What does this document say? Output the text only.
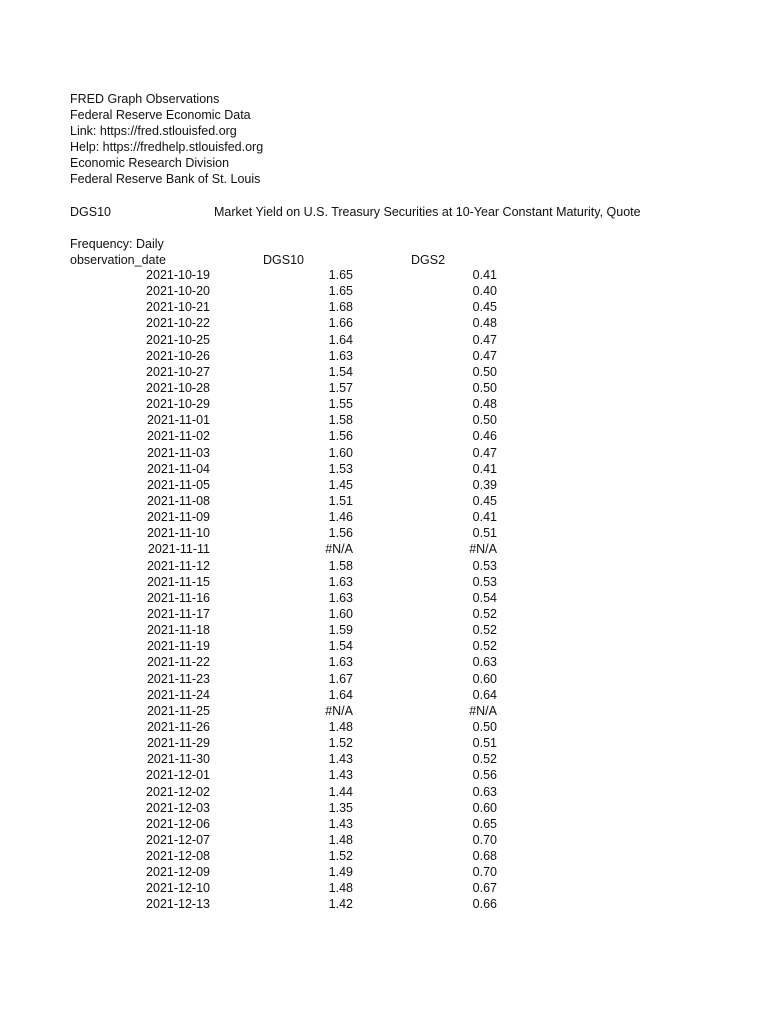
FRED Graph Observations
Federal Reserve Economic Data
Link: https://fred.stlouisfed.org
Help: https://fredhelp.stlouisfed.org
Economic Research Division
Federal Reserve Bank of St. Louis
DGS10	Market Yield on U.S. Treasury Securities at 10-Year Constant Maturity, Quote
Frequency: Daily
observation_date	DGS10	DGS2
2021-10-19	1.65	0.41
2021-10-20	1.65	0.40
2021-10-21	1.68	0.45
2021-10-22	1.66	0.48
2021-10-25	1.64	0.47
2021-10-26	1.63	0.47
2021-10-27	1.54	0.50
2021-10-28	1.57	0.50
2021-10-29	1.55	0.48
2021-11-01	1.58	0.50
2021-11-02	1.56	0.46
2021-11-03	1.60	0.47
2021-11-04	1.53	0.41
2021-11-05	1.45	0.39
2021-11-08	1.51	0.45
2021-11-09	1.46	0.41
2021-11-10	1.56	0.51
2021-11-11	#N/A	#N/A
2021-11-12	1.58	0.53
2021-11-15	1.63	0.53
2021-11-16	1.63	0.54
2021-11-17	1.60	0.52
2021-11-18	1.59	0.52
2021-11-19	1.54	0.52
2021-11-22	1.63	0.63
2021-11-23	1.67	0.60
2021-11-24	1.64	0.64
2021-11-25	#N/A	#N/A
2021-11-26	1.48	0.50
2021-11-29	1.52	0.51
2021-11-30	1.43	0.52
2021-12-01	1.43	0.56
2021-12-02	1.44	0.63
2021-12-03	1.35	0.60
2021-12-06	1.43	0.65
2021-12-07	1.48	0.70
2021-12-08	1.52	0.68
2021-12-09	1.49	0.70
2021-12-10	1.48	0.67
2021-12-13	1.42	0.66
